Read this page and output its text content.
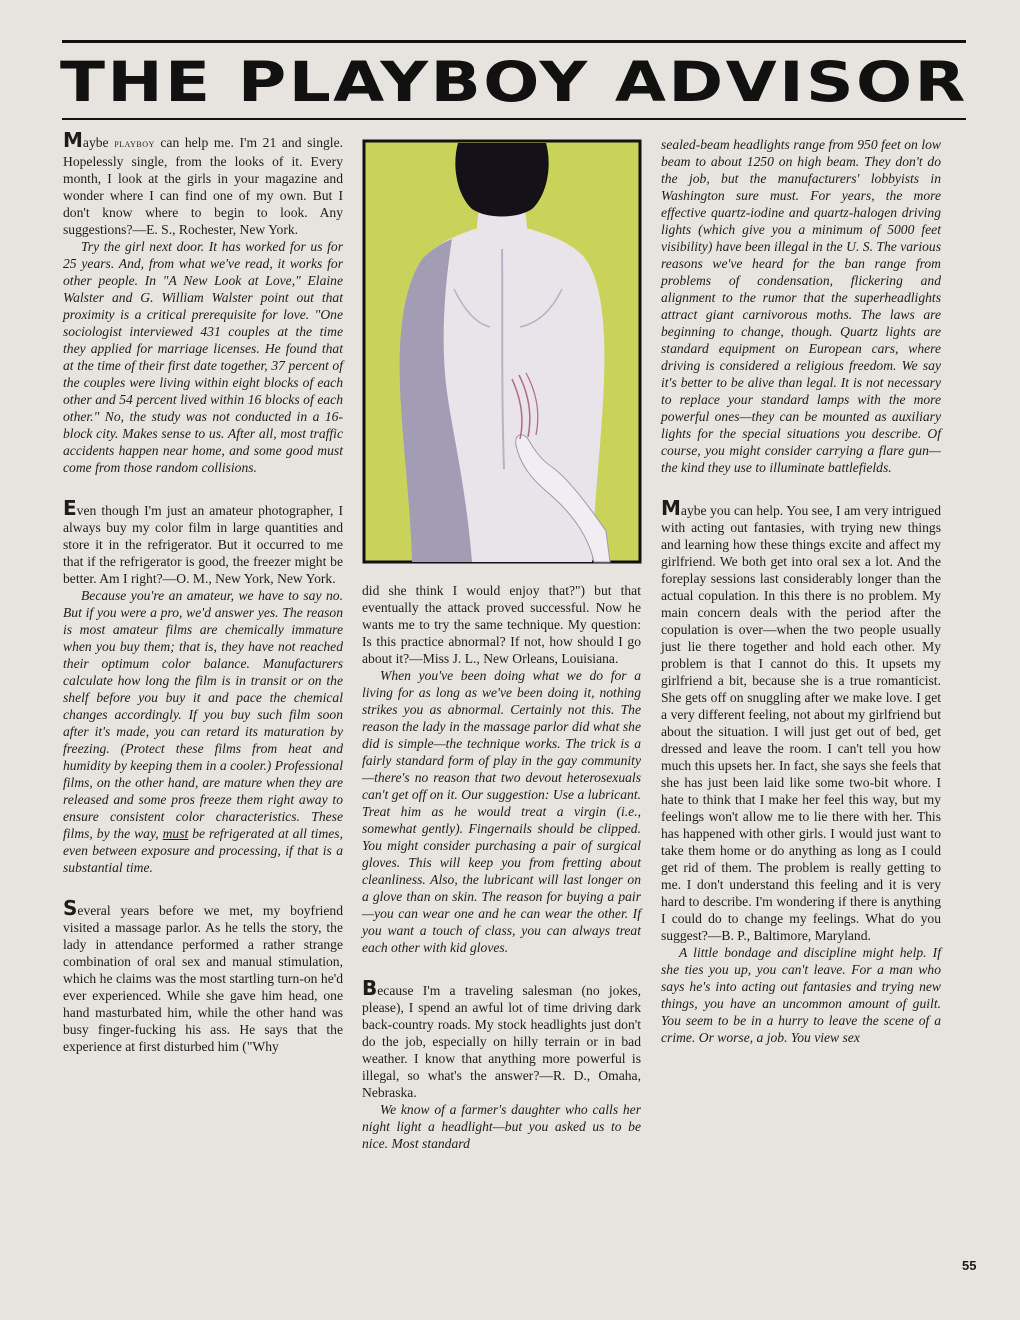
THE PLAYBOY ADVISOR

Maybe playboy can help me. I'm 21 and single. Hopelessly single, from the looks of it. Every month, I look at the girls in your magazine and wonder where I can find one of my own. But I don't know where to begin to look. Any suggestions?—E. S., Rochester, New York.

Try the girl next door. It has worked for us for 25 years. And, from what we've read, it works for other people. In "A New Look at Love," Elaine Walster and G. William Walster point out that proximity is a critical prerequisite for love. "One sociologist interviewed 431 couples at the time they applied for marriage licenses. He found that at the time of their first date together, 37 percent of the couples were living within eight blocks of each other and 54 percent lived within 16 blocks of each other." No, the study was not conducted in a 16-block city. Makes sense to us. After all, most traffic accidents happen near home, and some good must come from those random collisions.

Even though I'm just an amateur photographer, I always buy my color film in large quantities and store it in the refrigerator. But it occurred to me that if the refrigerator is good, the freezer might be better. Am I right?—O. M., New York, New York.

Because you're an amateur, we have to say no. But if you were a pro, we'd answer yes. The reason is most amateur films are chemically immature when you buy them; that is, they have not reached their optimum color balance. Manufacturers calculate how long the film is in transit or on the shelf before you buy it and pace the chemical changes accordingly. If you buy such film soon after it's made, you can retard its maturation by freezing. (Protect these films from heat and humidity by keeping them in a cooler.) Professional films, on the other hand, are mature when they are released and some pros freeze them right away to ensure consistent color characteristics. These films, by the way, must be refrigerated at all times, even between exposure and processing, if that is a substantial time.

Several years before we met, my boyfriend visited a massage parlor. As he tells the story, the lady in attendance performed a rather strange combination of oral sex and manual stimulation, which he claims was the most startling turn-on he'd ever experienced. While she gave him head, one hand masturbated him, while the other hand was busy finger-fucking his ass. He says that the experience at first disturbed him ("Why

did she think I would enjoy that?") but that eventually the attack proved successful. Now he wants me to try the same technique. My question: Is this practice abnormal? If not, how should I go about it?—Miss J. L., New Orleans, Louisiana.

When you've been doing what we do for a living for as long as we've been doing it, nothing strikes you as abnormal. Certainly not this. The reason the lady in the massage parlor did what she did is simple—the technique works. The trick is a fairly standard form of play in the gay community—there's no reason that two devout heterosexuals can't get off on it. Our suggestion: Use a lubricant. Treat him as he would treat a virgin (i.e., somewhat gently). Fingernails should be clipped. You might consider purchasing a pair of surgical gloves. This will keep you from fretting about cleanliness. Also, the lubricant will last longer on a glove than on skin. The reason for buying a pair—you can wear one and he can wear the other. If you want a touch of class, you can always treat each other with kid gloves.

Because I'm a traveling salesman (no jokes, please), I spend an awful lot of time driving dark back-country roads. My stock headlights just don't do the job, especially on hilly terrain or in bad weather. I know that anything more powerful is illegal, so what's the answer?—R. D., Omaha, Nebraska.

We know of a farmer's daughter who calls her night light a headlight—but you asked us to be nice. Most standard

sealed-beam headlights range from 950 feet on low beam to about 1250 on high beam. They don't do the job, but the manufacturers' lobbyists in Washington sure must. For years, the more effective quartz-iodine and quartz-halogen driving lights (which give you a minimum of 5000 feet visibility) have been illegal in the U. S. The various reasons we've heard for the ban range from problems of condensation, flickering and alignment to the rumor that the superheadlights attract giant carnivorous moths. The laws are beginning to change, though. Quartz lights are standard equipment on European cars, where driving is considered a religious freedom. We say it's better to be alive than legal. It is not necessary to replace your standard lamps with the more powerful ones—they can be mounted as auxiliary lights for the special situations you describe. Of course, you might consider carrying a flare gun—the kind they use to illuminate battlefields.

Maybe you can help. You see, I am very intrigued with acting out fantasies, with trying new things and learning how these things excite and affect my girlfriend. We both get into oral sex a lot. And the foreplay sessions last considerably longer than the actual copulation. In this there is no problem. My main concern deals with the period after the copulation is over—when the two people usually just lie there together and hold each other. My problem is that I cannot do this. It upsets my girlfriend a bit, because she is a true romanticist. She gets off on snuggling after we make love. I get a very different feeling, not about my girlfriend but about the situation. I will just get out of bed, get dressed and leave the room. I can't tell you how much this upsets her. In fact, she says she feels that she has just been laid like some two-bit whore. I hate to think that I make her feel this way, but my feelings won't allow me to lie there with her. This has happened with other girls. I would just want to take them home or do anything as long as I could get rid of them. The problem is really getting to me. I don't understand this feeling and it is very hard to describe. I'm wondering if there is anything I could do to change my feelings. What do you suggest?—B. P., Baltimore, Maryland.

A little bondage and discipline might help. If she ties you up, you can't leave. For a man who says he's into acting out fantasies and trying new things, you have an uncommon amount of guilt. You seem to be in a hurry to leave the scene of a crime. Or worse, a job. You view sex

55
